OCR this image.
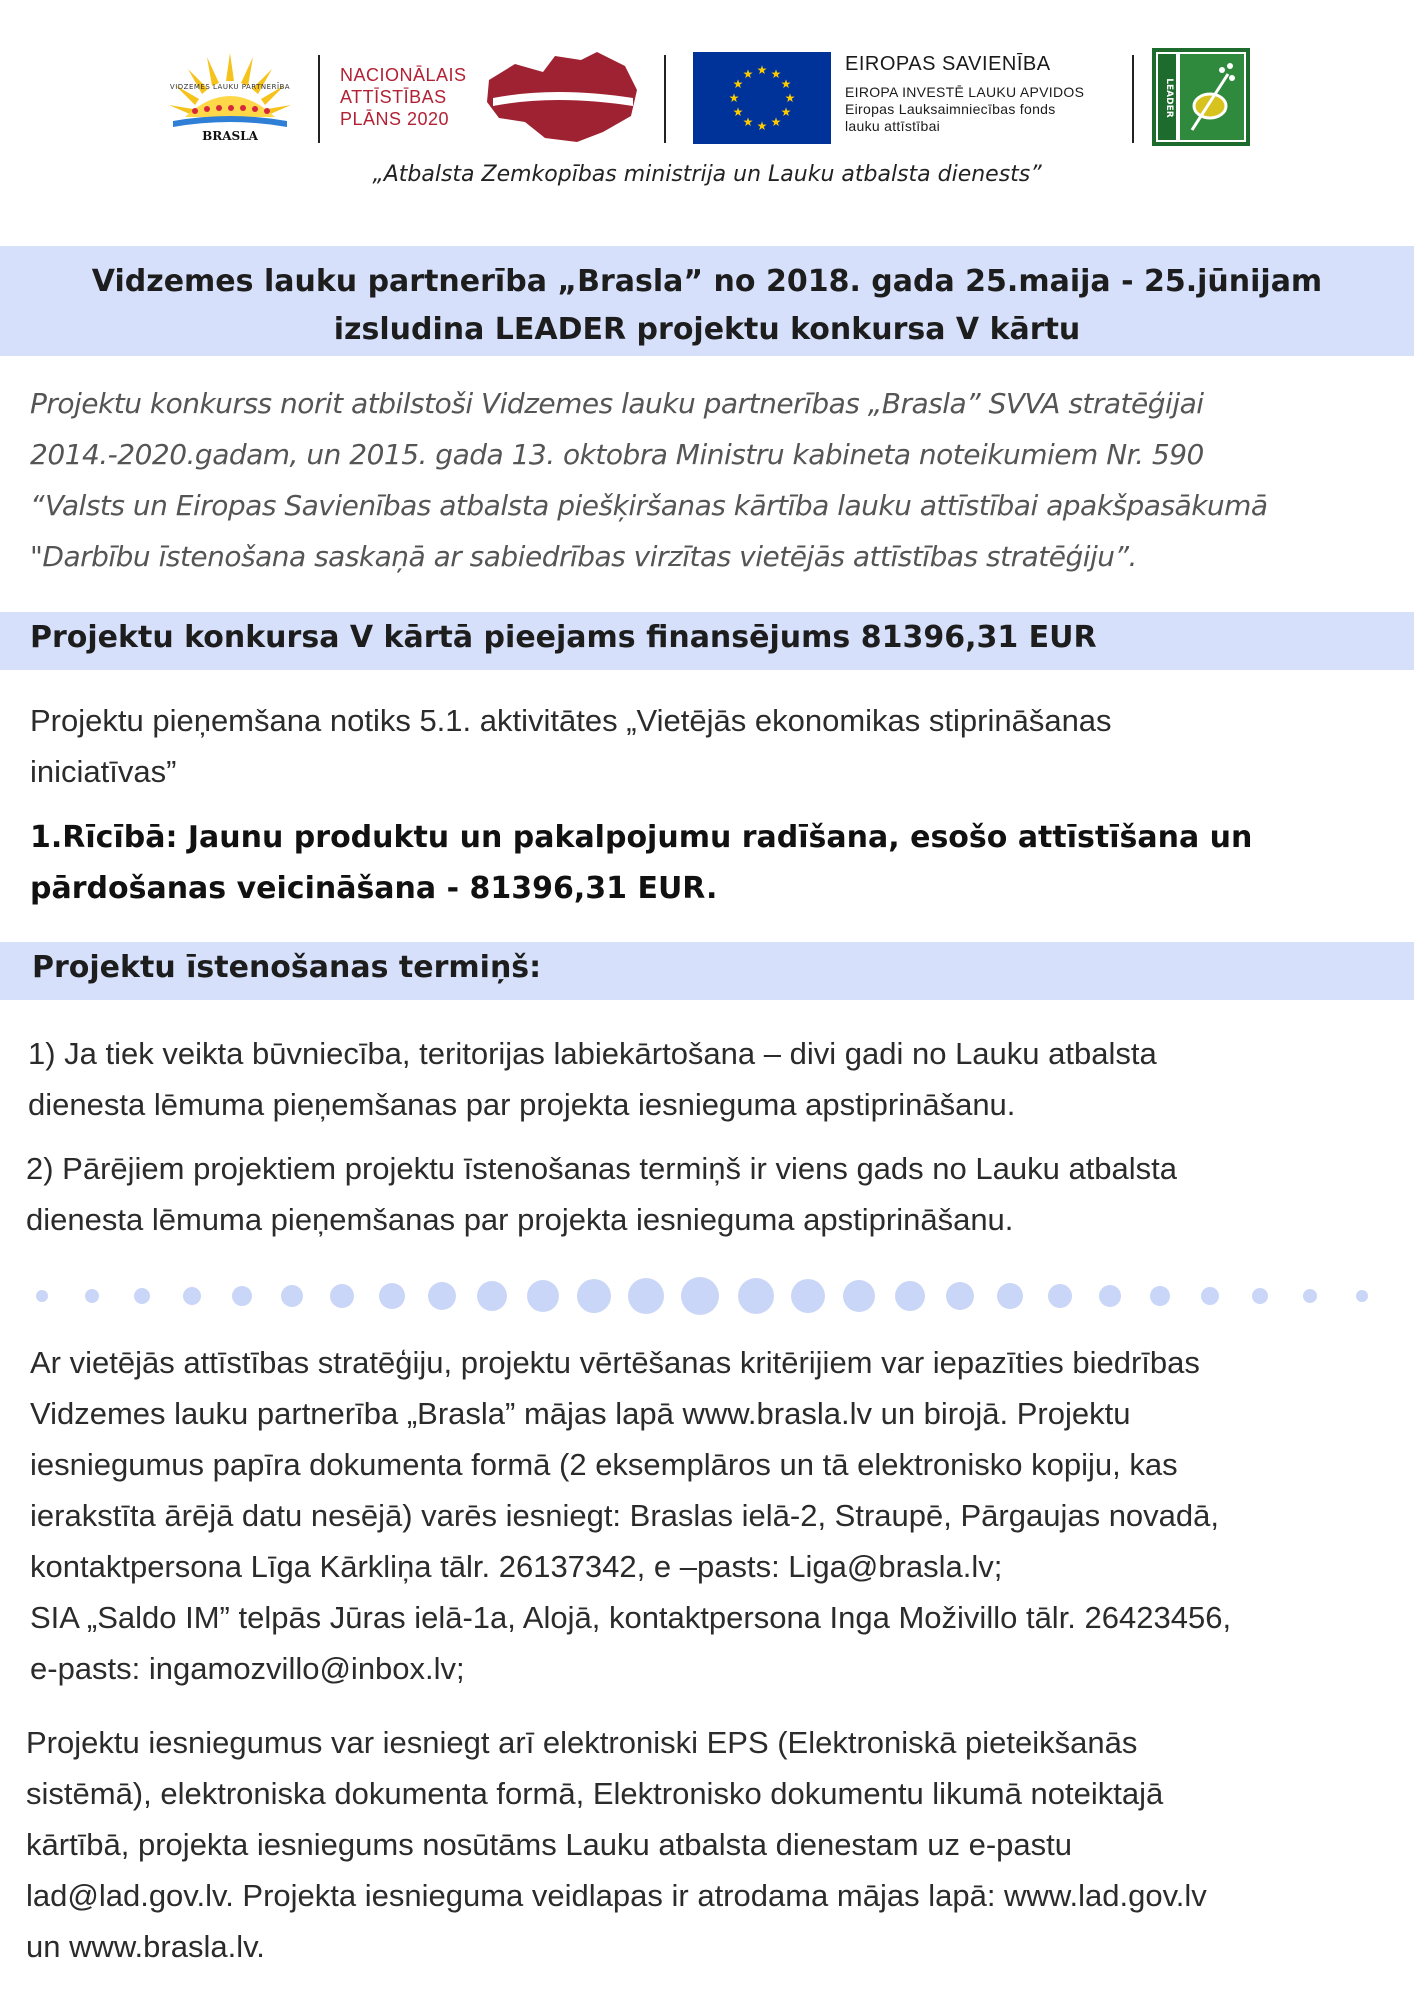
VIDZEMES LAUKU PARTNERĪBA
BRASLA
NACIONĀLAIS
ATTĪSTĪBAS
PLĀNS 2020
★ ★
★
★
★
★
★
★
★
★
★
★	EIROPAS SAVIENĪBA
EIROPA INVESTĒ LAUKU APVIDOS
Eiropas Lauksaimniecības fonds
lauku attīstībai
LEADER
„Atbalsta Zemkopības ministrija un Lauku atbalsta dienests”
Vidzemes lauku partnerība „Brasla” no 2018. gada 25.maija - 25.jūnijam
izsludina LEADER projektu konkursa V kārtu
Projektu konkurss norit atbilstoši Vidzemes lauku partnerības „Brasla” SVVA stratēģijai
2014.-2020.gadam, un 2015. gada 13. oktobra Ministru kabineta noteikumiem Nr. 590
“Valsts un Eiropas Savienības atbalsta piešķiršanas kārtība lauku attīstībai apakšpasākumā
"Darbību īstenošana saskaņā ar sabiedrības virzītas vietējās attīstības stratēģiju”.
Projektu konkursa V kārtā pieejams finansējums 81396,31 EUR
Projektu pieņemšana notiks 5.1. aktivitātes „Vietējās ekonomikas stiprināšanas
iniciatīvas”
1.Rīcībā: Jaunu produktu un pakalpojumu radīšana, esošo attīstīšana un
pārdošanas veicināšana - 81396,31 EUR.
Projektu īstenošanas termiņš:
1) Ja tiek veikta būvniecība, teritorijas labiekārtošana – divi gadi no Lauku atbalsta
dienesta lēmuma pieņemšanas par projekta iesnieguma apstiprināšanu.
2) Pārējiem projektiem projektu īstenošanas termiņš ir viens gads no Lauku atbalsta
dienesta lēmuma pieņemšanas par projekta iesnieguma apstiprināšanu.
Ar vietējās attīstības stratēģiju, projektu vērtēšanas kritērijiem var iepazīties biedrības
Vidzemes lauku partnerība „Brasla” mājas lapā www.brasla.lv un birojā. Projektu
iesniegumus papīra dokumenta formā (2 eksemplāros un tā elektronisko kopiju, kas
ierakstīta ārējā datu nesējā) varēs iesniegt: Braslas ielā-2, Straupē, Pārgaujas novadā,
kontaktpersona Līga Kārkliņa tālr. 26137342, e –pasts: Liga@brasla.lv;
SIA „Saldo IM” telpās Jūras ielā-1a, Alojā, kontaktpersona Inga Moživillo tālr. 26423456,
e-pasts: ingamozvillo@inbox.lv;
Projektu iesniegumus var iesniegt arī elektroniski EPS (Elektroniskā pieteikšanās
sistēmā), elektroniska dokumenta formā, Elektronisko dokumentu likumā noteiktajā
kārtībā, projekta iesniegums nosūtāms Lauku atbalsta dienestam uz e-pastu
lad@lad.gov.lv. Projekta iesnieguma veidlapas ir atrodama mājas lapā: www.lad.gov.lv
un www.brasla.lv.
